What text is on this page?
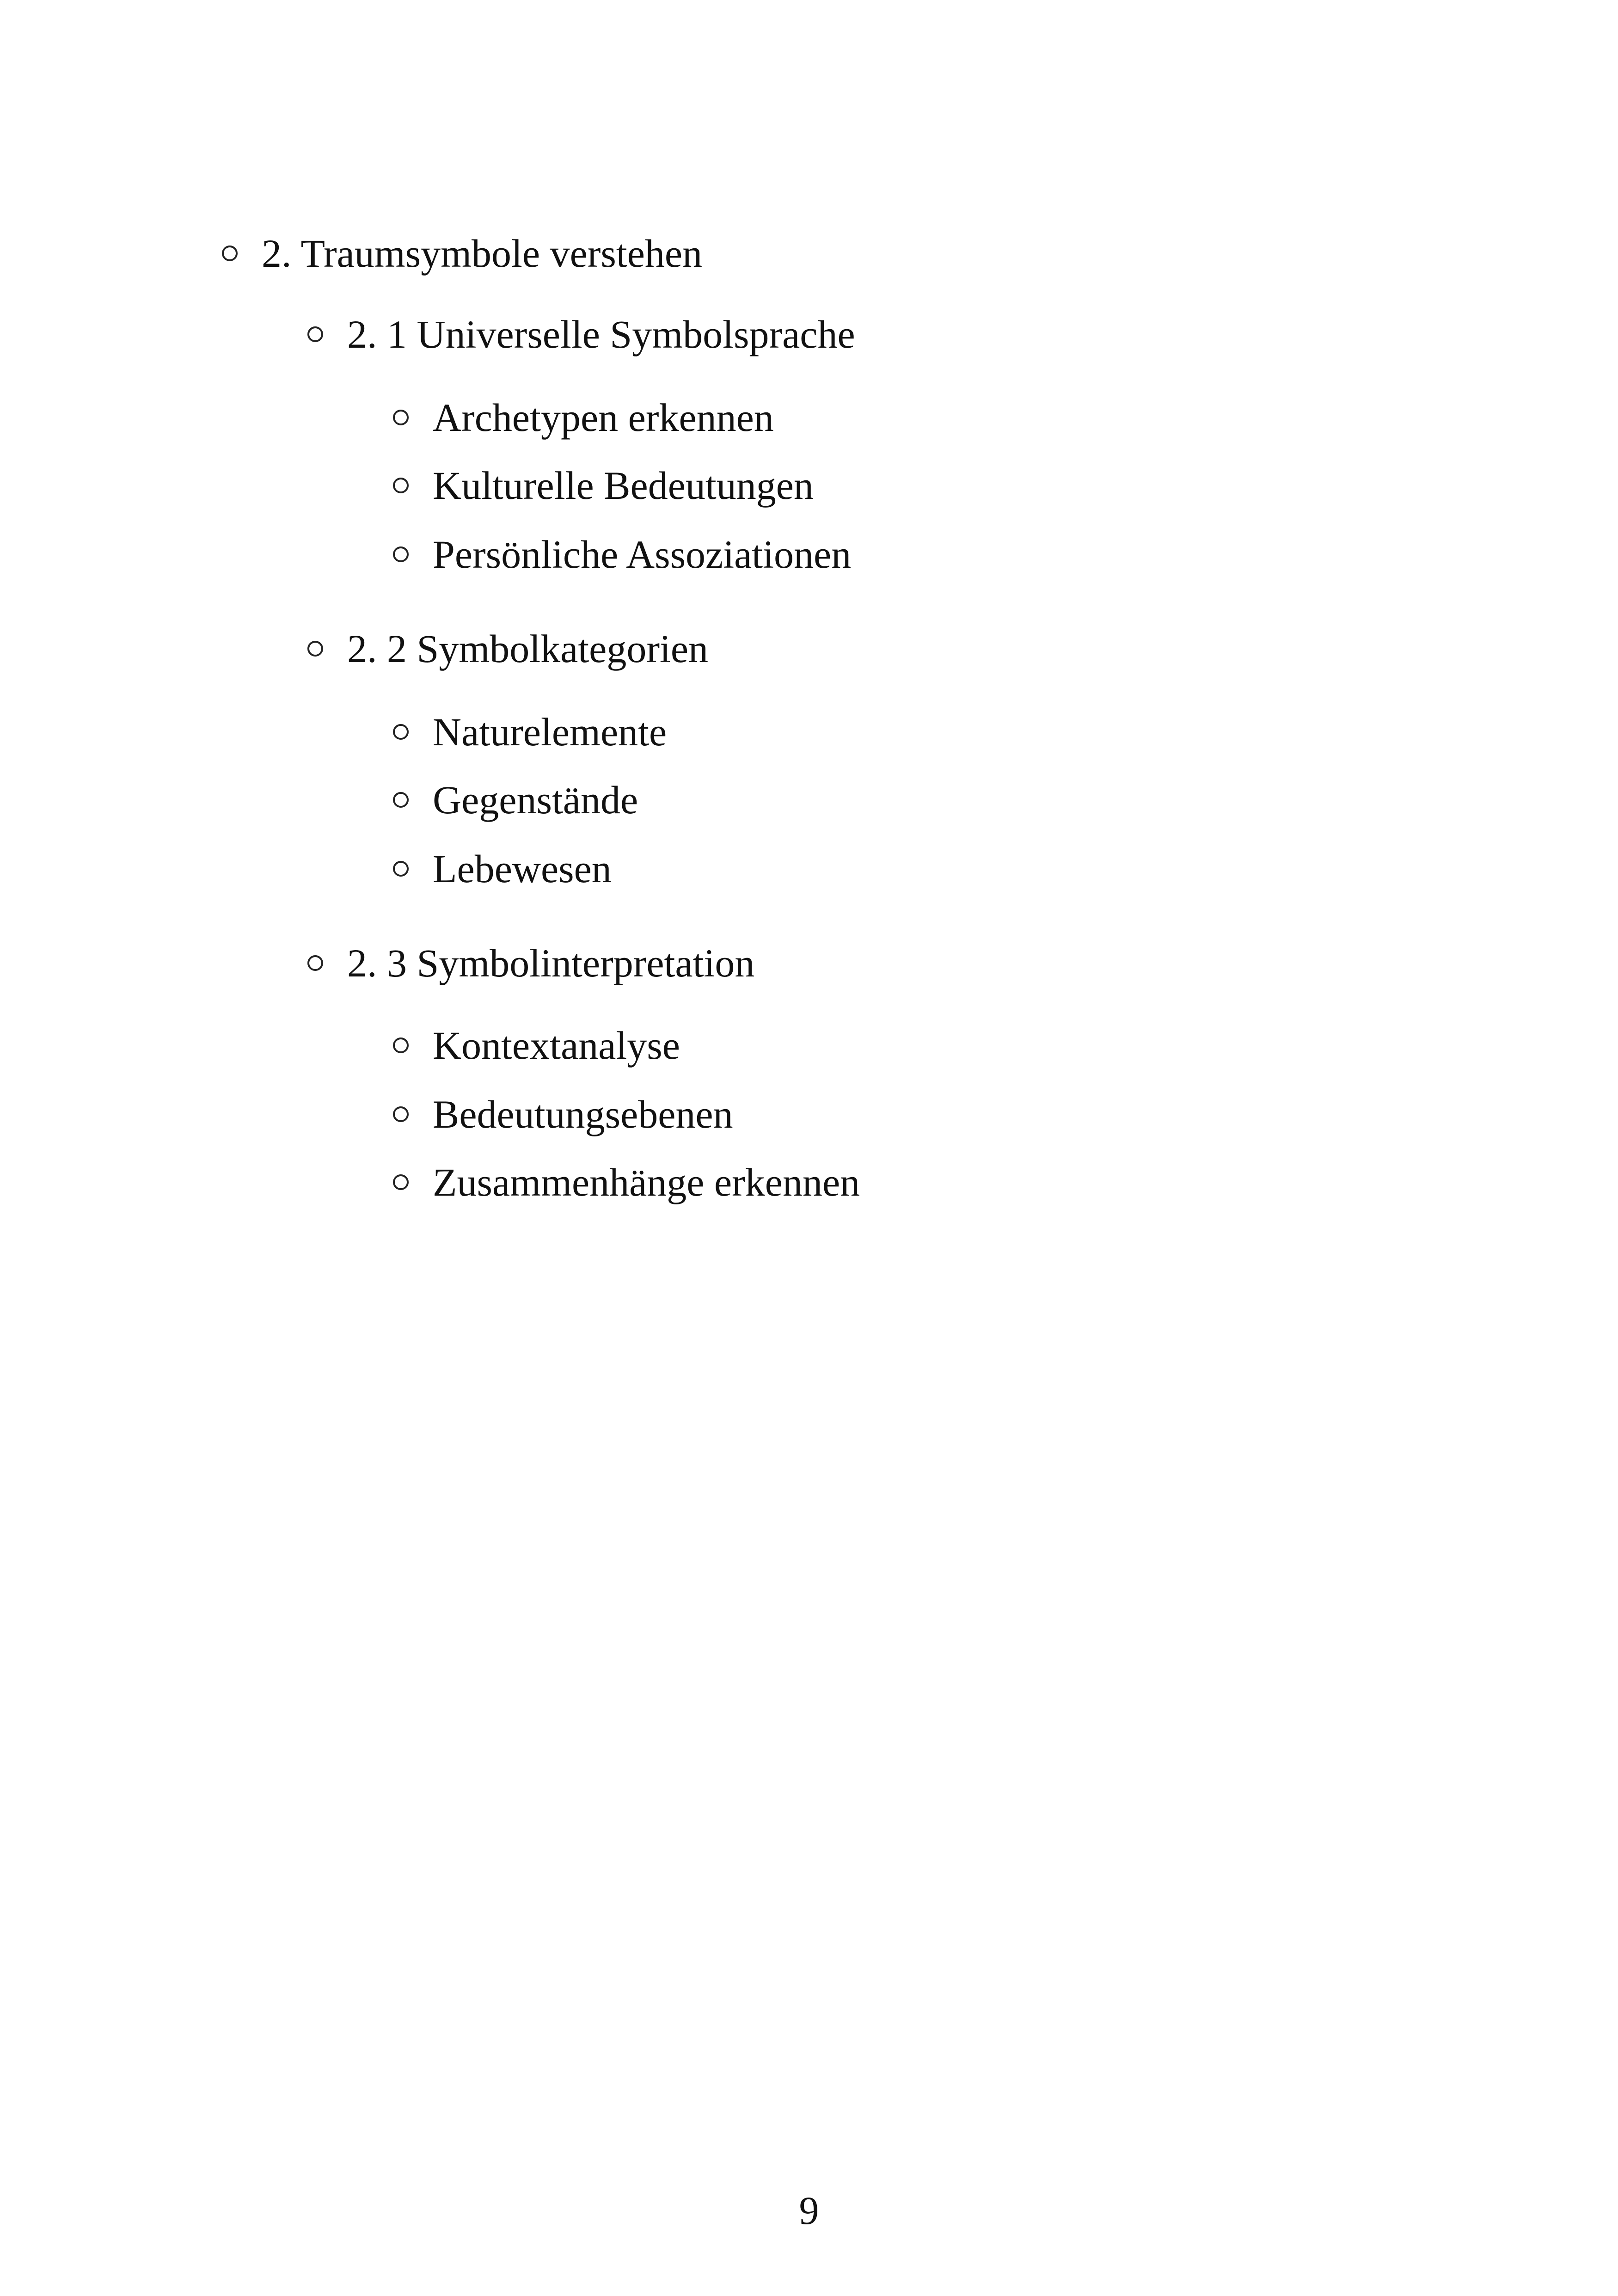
2. Traumsymbole verstehen
2. 1 Universelle Symbolsprache
Archetypen erkennen
Kulturelle Bedeutungen
Persönliche Assoziationen
2. 2 Symbolkategorien
Naturelemente
Gegenstände
Lebewesen
2. 3 Symbolinterpretation
Kontextanalyse
Bedeutungsebenen
Zusammenhänge erkennen
9
